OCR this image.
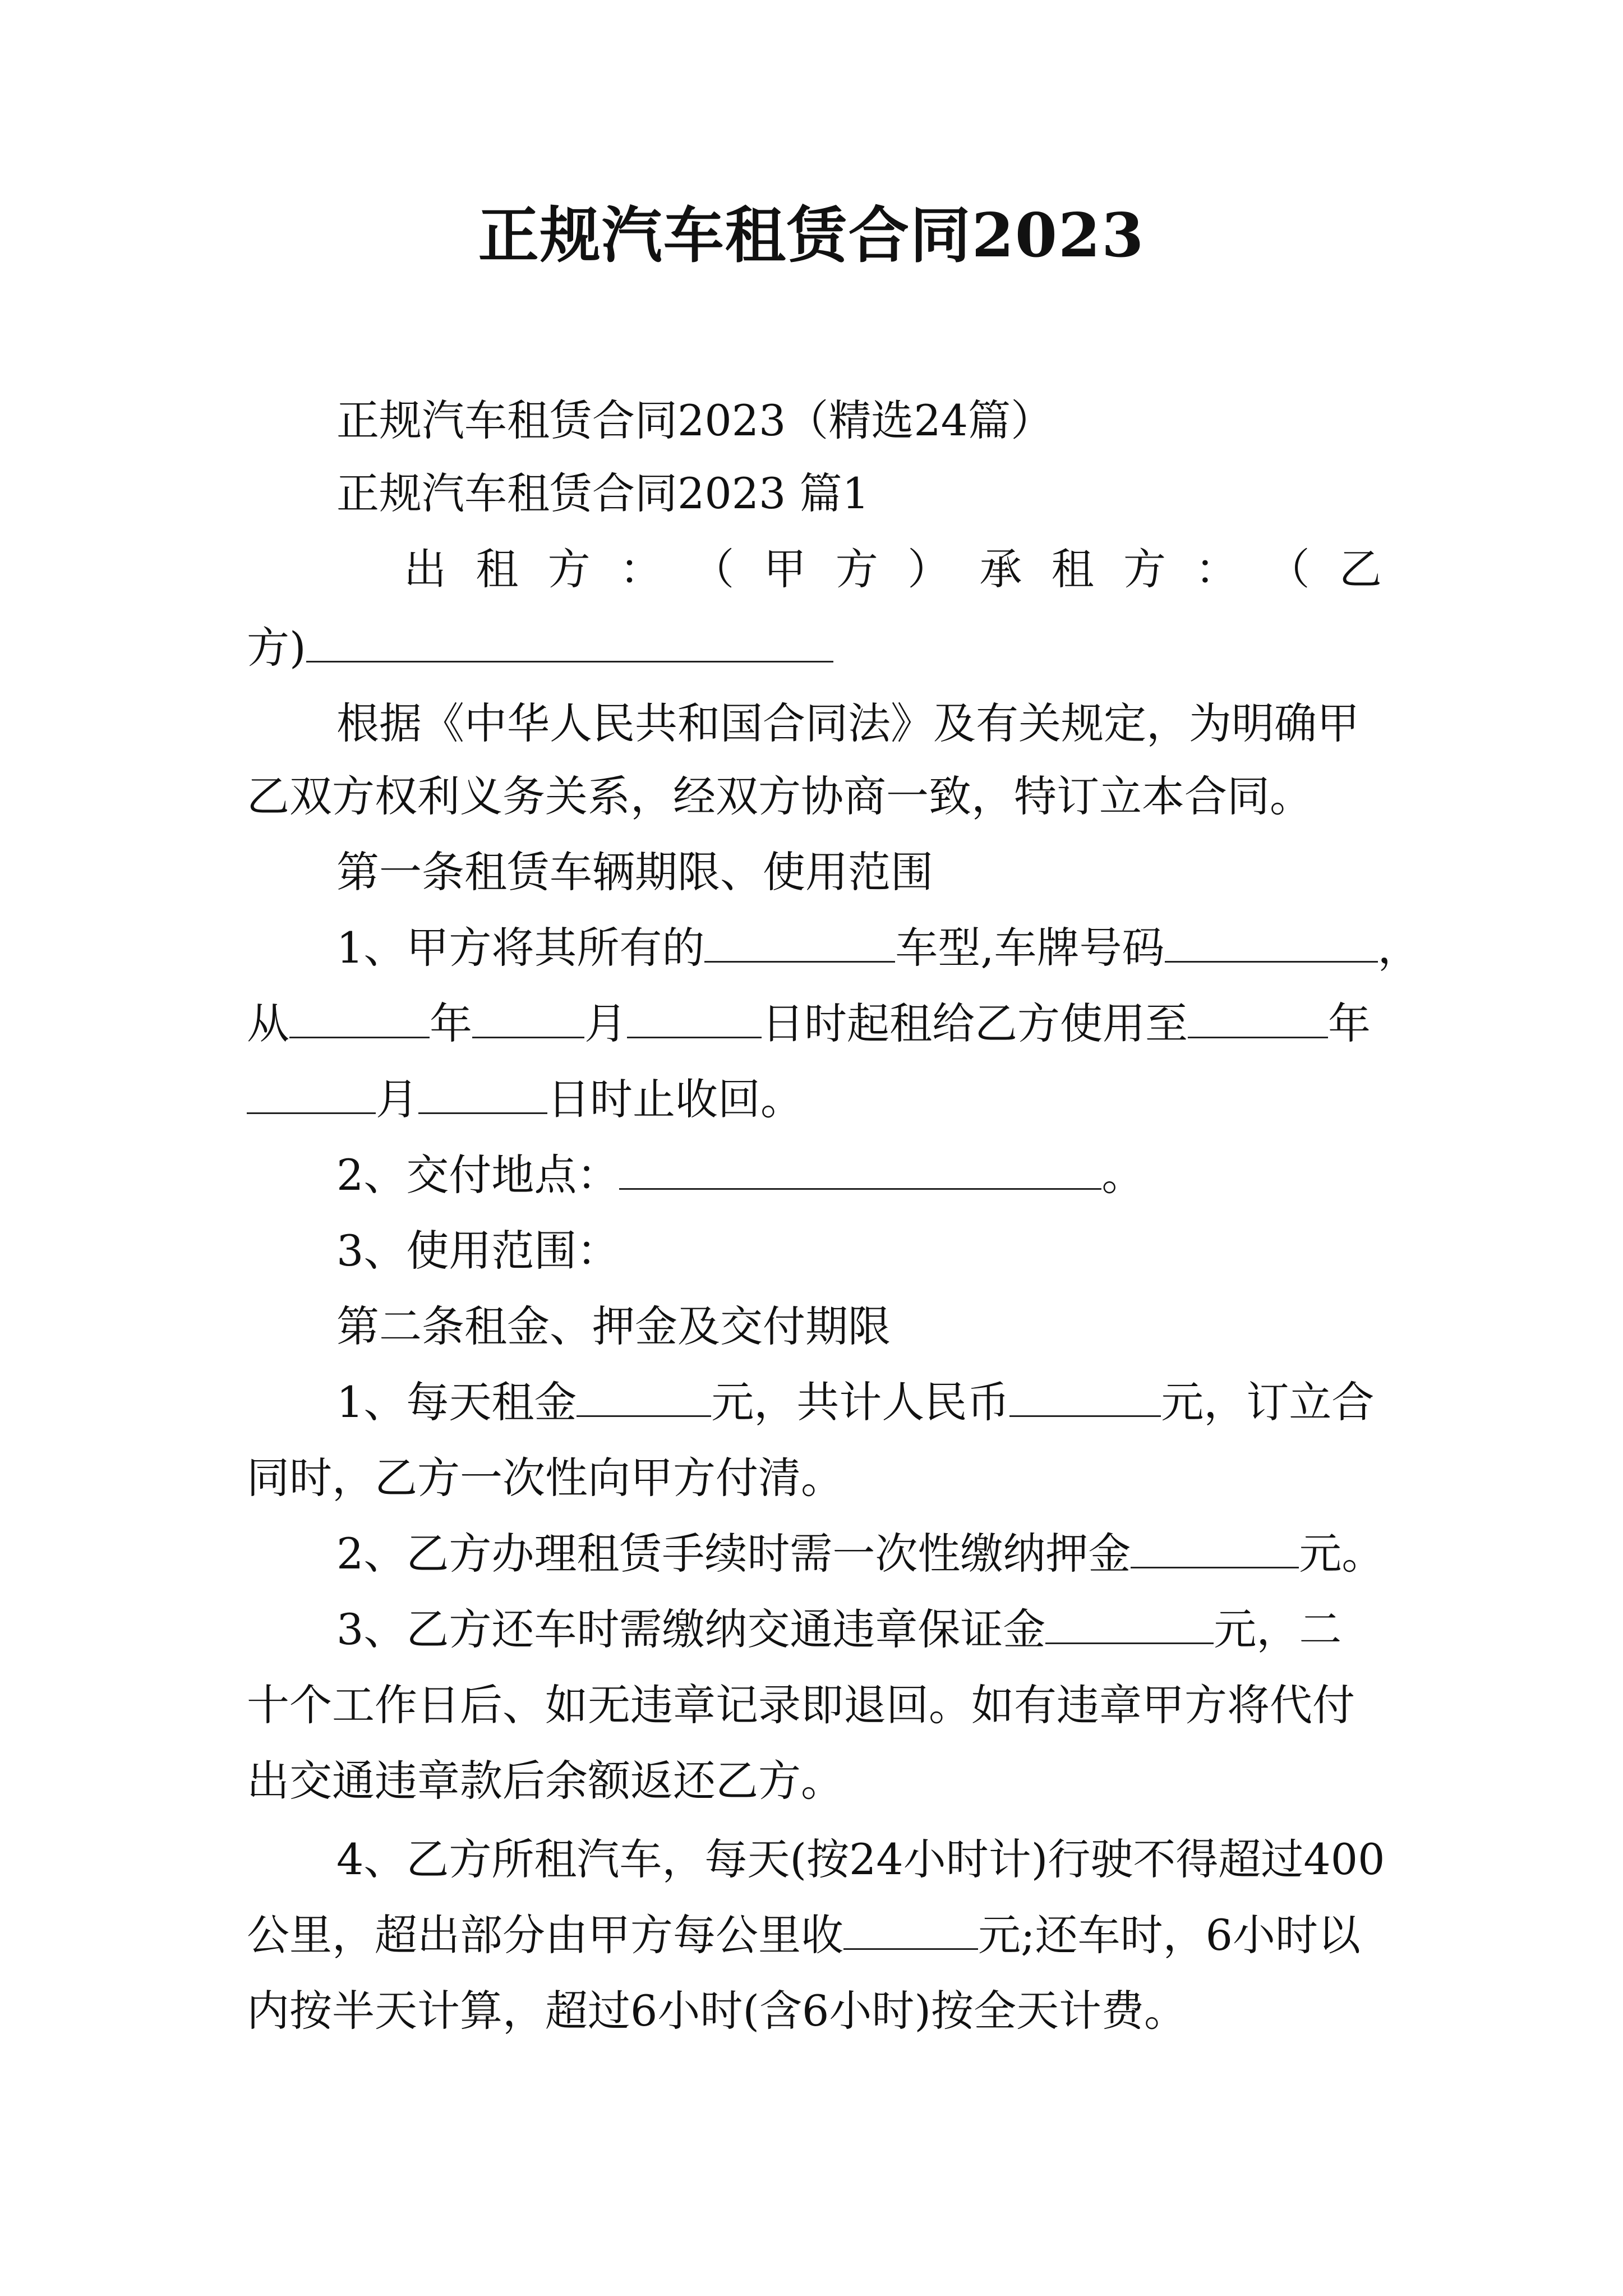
正规汽车租赁合同2023
正规汽车租赁合同2023（精选24篇）
正规汽车租赁合同2023 篇1
出 租 方 ： （ 甲 方 ） 承 租 方 ： （ 乙
方)
根据《中华人民共和国合同法》及有关规定，为明确甲
乙双方权利义务关系，经双方协商一致，特订立本合同。
第一条租赁车辆期限、使用范围
1、甲方将其所有的	车型,车牌号码	，
从	年	月	日时起租给乙方使用至	年
月	日时止收回。
2、交付地点：	。
3、使用范围：
第二条租金、押金及交付期限
1、每天租金	元，共计人民币	元，订立合
同时，乙方一次性向甲方付清。
2、乙方办理租赁手续时需一次性缴纳押金	元。
3、乙方还车时需缴纳交通违章保证金	元，二
十个工作日后、如无违章记录即退回。如有违章甲方将代付
出交通违章款后余额返还乙方。
4、乙方所租汽车，每天(按24小时计)行驶不得超过400
公里，超出部分由甲方每公里收	元;还车时，6小时以
内按半天计算，超过6小时(含6小时)按全天计费。
